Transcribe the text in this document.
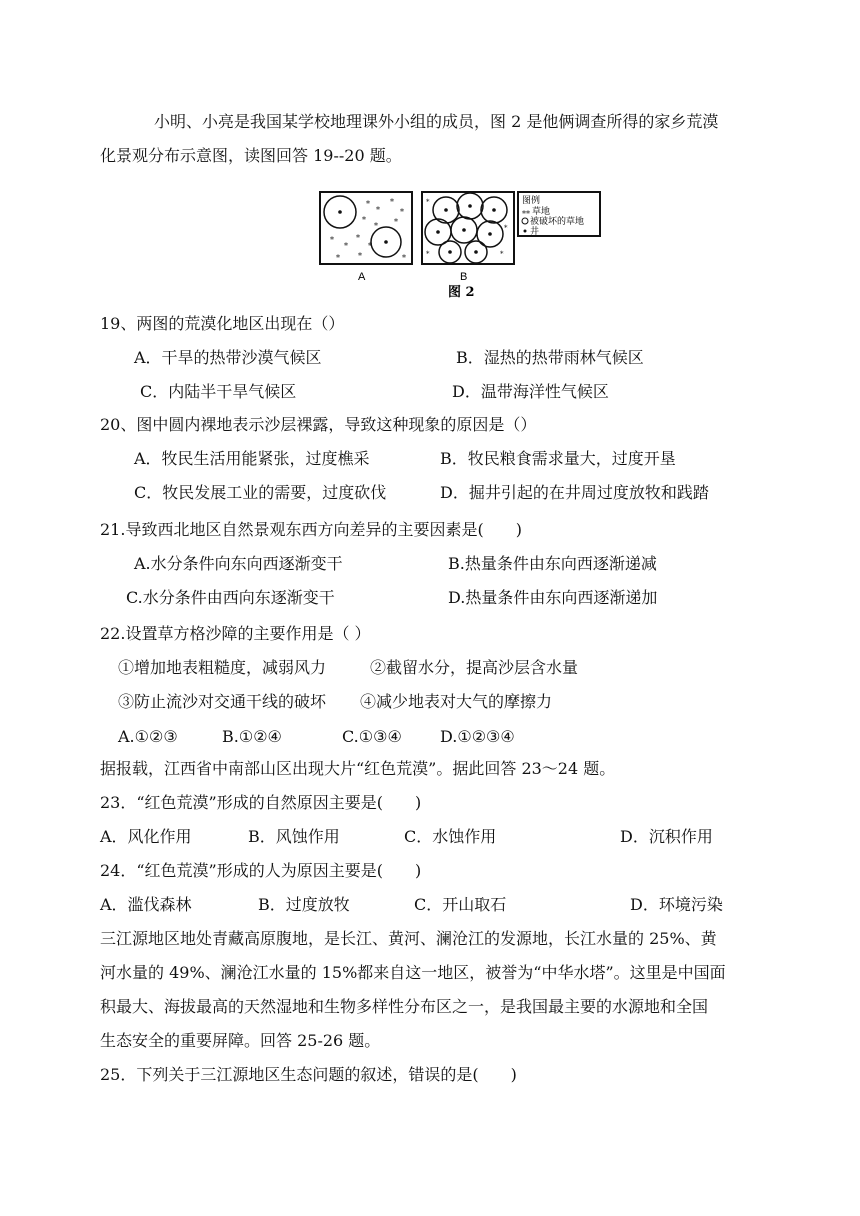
小明、小亮是我国某学校地理课外小组的成员，图 2 是他俩调查所得的家乡荒漠
化景观分布示意图，读图回答 19--20 题。
⁎
⁎
⁎
⁎
⁎
⁎ ⁎
⁎
⁎
⁎
⁎ ⁎	⁎
⁎
A
⁎
⁎
⁎
⁎
B
图例
⁎⁎ 草地
被破坏的草地
井
图 2
19、两图的荒漠化地区出现在（）
A．干旱的热带沙漠气候区	B．湿热的热带雨林气候区
C．内陆半干旱气候区	D．温带海洋性气候区
20、图中圆内裸地表示沙层裸露，导致这种现象的原因是（）
A．牧民生活用能紧张，过度樵采	B．牧民粮食需求量大，过度开垦
C．牧民发展工业的需要，过度砍伐	D．掘井引起的在井周过度放牧和践踏
21.导致西北地区自然景观东西方向差异的主要因素是(　　)
A.水分条件向东向西逐渐变干	B.热量条件由东向西逐渐递减
C.水分条件由西向东逐渐变干	D.热量条件由东向西逐渐递加
22.设置草方格沙障的主要作用是（ ）
①增加地表粗糙度，减弱风力	②截留水分，提高沙层含水量
③防止流沙对交通干线的破坏 ④减少地表对大气的摩擦力
A.①②③	B.①②④	C.①③④ D.①②③④
据报载，江西省中南部山区出现大片“红色荒漠”。据此回答 23～24 题。
23．“红色荒漠”形成的自然原因主要是(　　)
A．风化作用	B．风蚀作用	C．水蚀作用	D．沉积作用
24．“红色荒漠”形成的人为原因主要是(　　)
A．滥伐森林	B．过度放牧	C．开山取石	D．环境污染
三江源地区地处青藏高原腹地，是长江、黄河、澜沧江的发源地，长江水量的 25%、黄
河水量的 49%、澜沧江水量的 15%都来自这一地区，被誉为“中华水塔”。这里是中国面
积最大、海拔最高的天然湿地和生物多样性分布区之一，是我国最主要的水源地和全国
生态安全的重要屏障。回答 25-26 题。
25．下列关于三江源地区生态问题的叙述，错误的是(　　)
